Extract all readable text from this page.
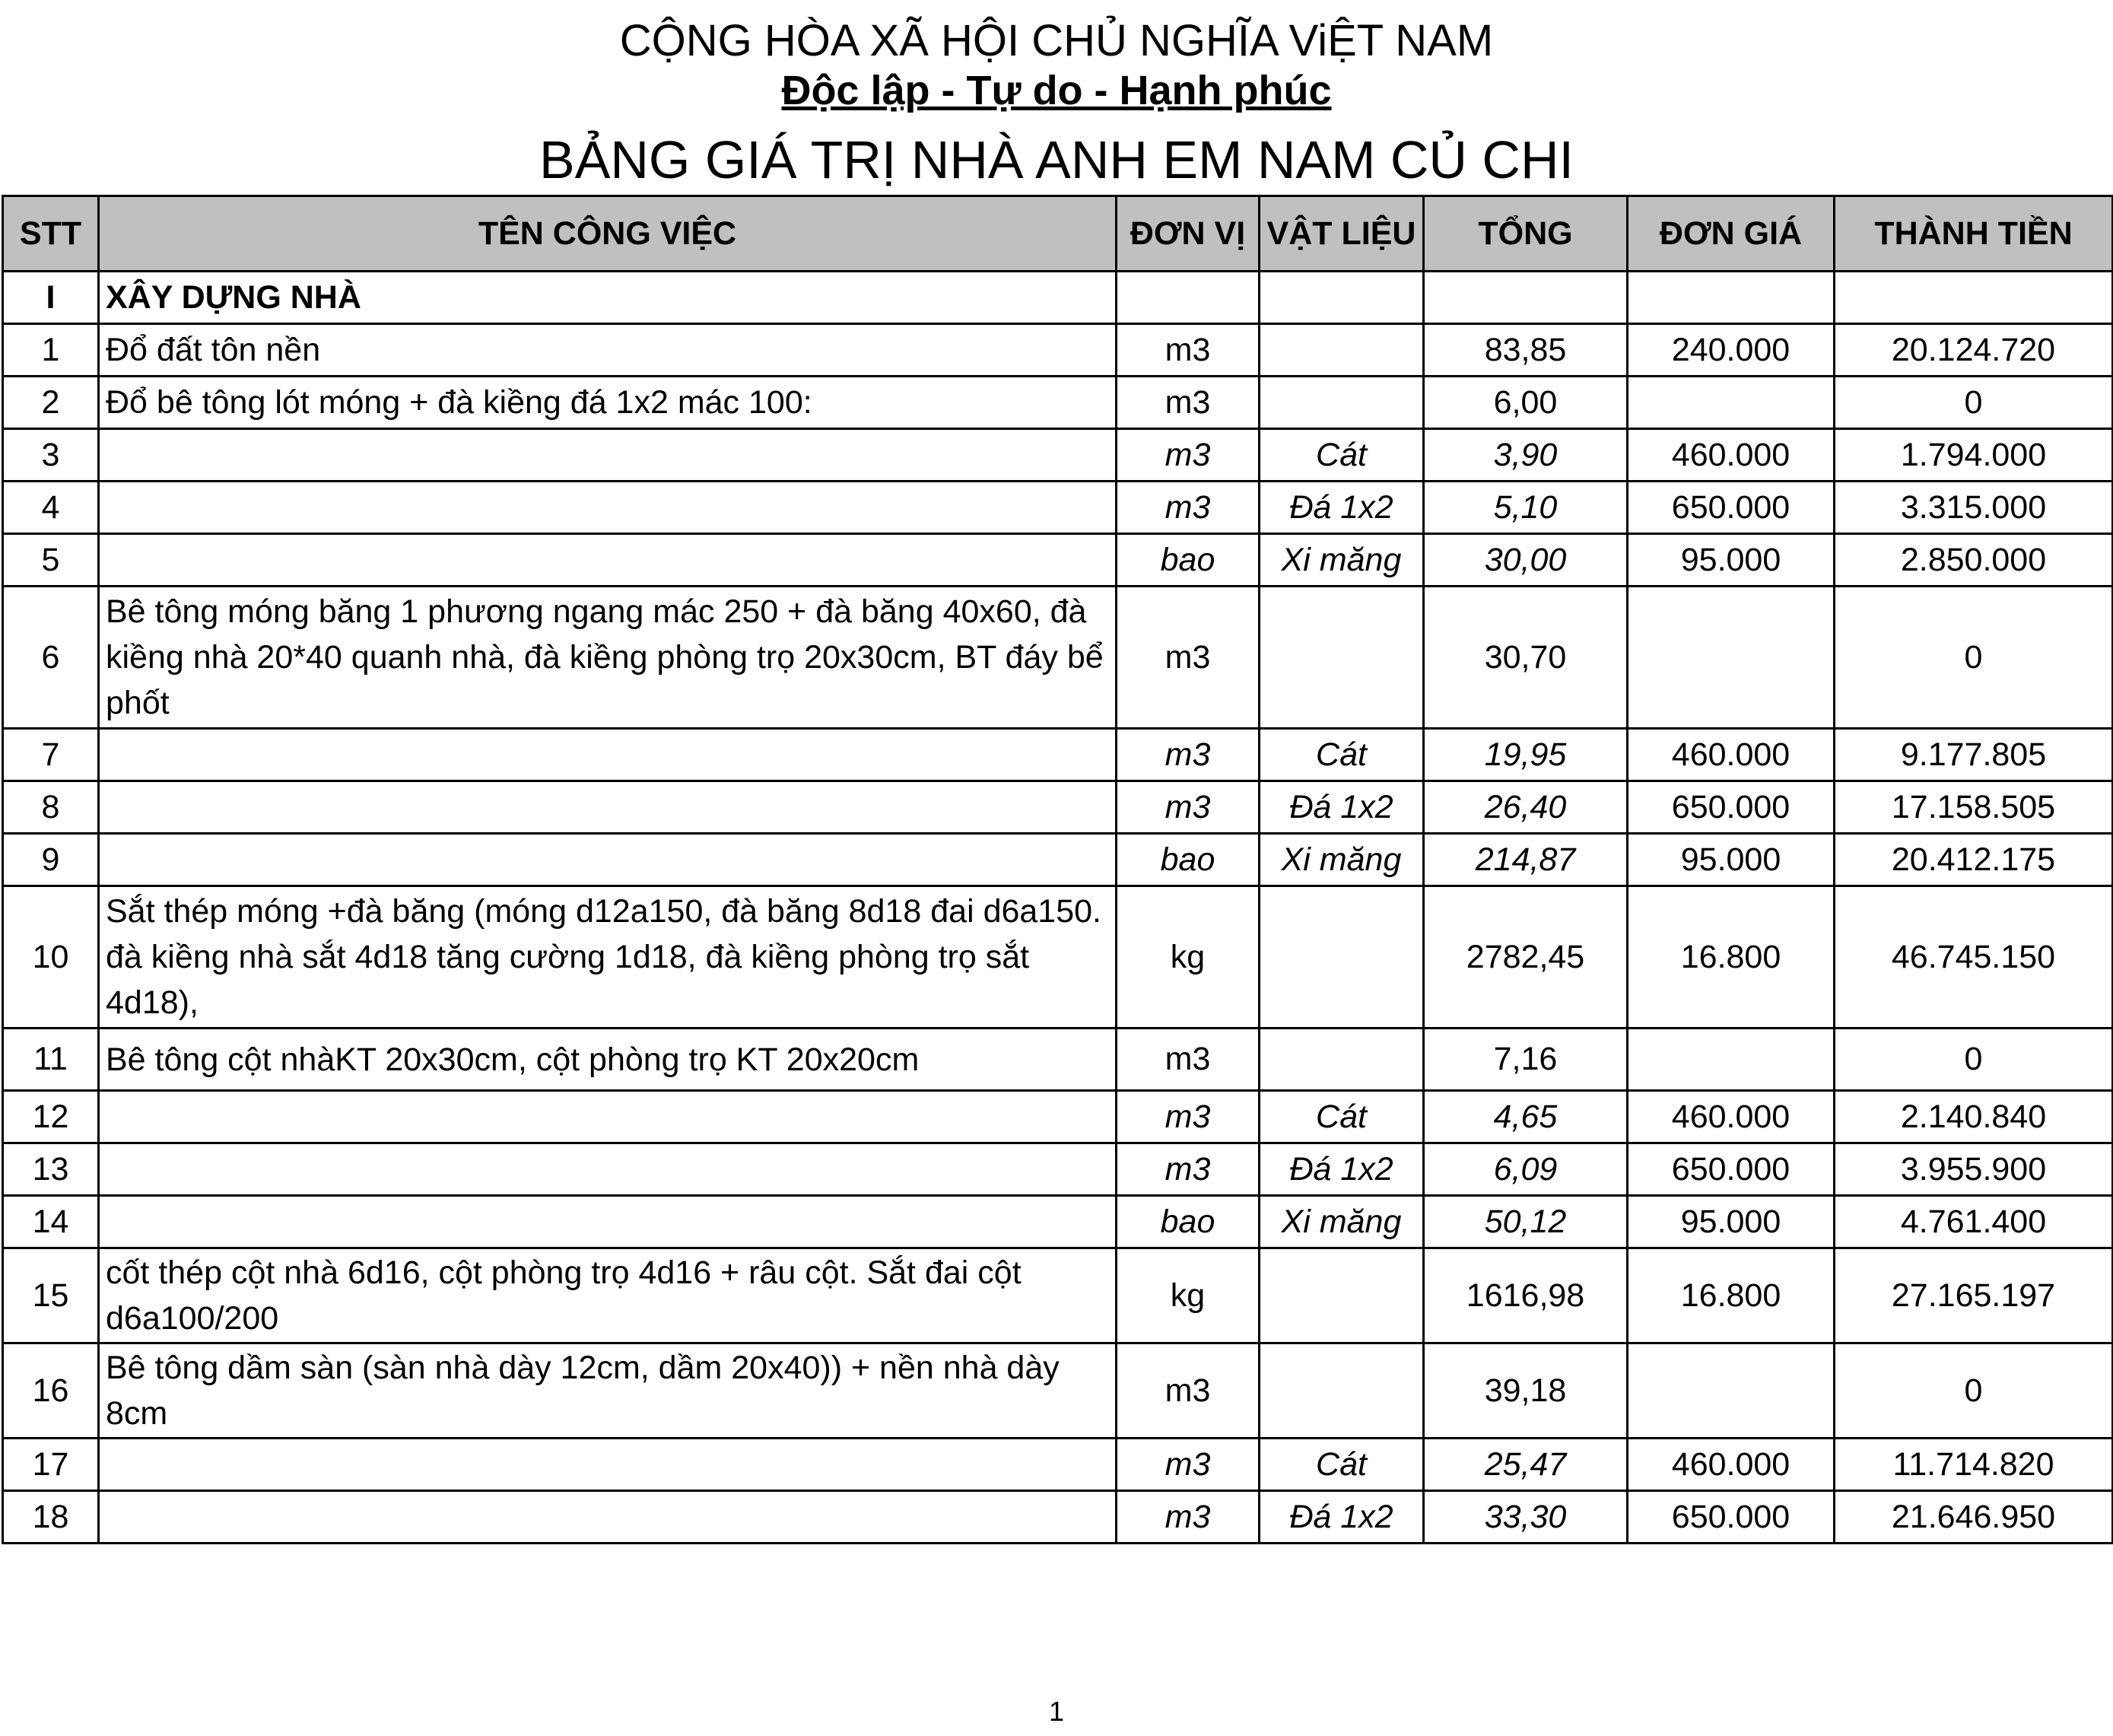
CỘNG HÒA XÃ HỘI CHỦ NGHĨA ViỆT NAM
Độc lập - Tự do - Hạnh phúc
BẢNG GIÁ TRỊ NHÀ ANH EM NAM CỦ CHI
STT	TÊN CÔNG VIỆC	ĐƠN VỊ	VẬT LIỆU	TỔNG	ĐƠN GIÁ	THÀNH TIỀN
I	XÂY DỰNG NHÀ					
1	Đổ đất tôn nền	m3		83,85	240.000	20.124.720
2	Đổ bê tông lót móng + đà kiềng đá 1x2 mác 100:	m3		6,00		0
3		m3	Cát	3,90	460.000	1.794.000
4		m3	Đá 1x2	5,10	650.000	3.315.000
5		bao	Xi măng	30,00	95.000	2.850.000
6	Bê tông móng băng 1 phương ngang mác 250 + đà băng 40x60, đà kiềng nhà 20*40 quanh nhà, đà kiềng phòng trọ 20x30cm, BT đáy bể phốt	m3		30,70		0
7		m3	Cát	19,95	460.000	9.177.805
8		m3	Đá 1x2	26,40	650.000	17.158.505
9		bao	Xi măng	214,87	95.000	20.412.175
10	Sắt thép móng +đà băng (móng d12a150, đà băng 8d18 đai d6a150. đà kiềng nhà sắt 4d18 tăng cường 1d18, đà kiềng phòng trọ sắt 4d18),	kg		2782,45	16.800	46.745.150
11	Bê tông cột nhàKT 20x30cm, cột phòng trọ KT 20x20cm	m3		7,16		0
12		m3	Cát	4,65	460.000	2.140.840
13		m3	Đá 1x2	6,09	650.000	3.955.900
14		bao	Xi măng	50,12	95.000	4.761.400
15	cốt thép cột nhà 6d16, cột phòng trọ 4d16 + râu cột. Sắt đai cột d6a100/200	kg		1616,98	16.800	27.165.197
16	Bê tông dầm sàn (sàn nhà dày 12cm, dầm 20x40)) + nền nhà dày 8cm	m3		39,18		0
17		m3	Cát	25,47	460.000	11.714.820
18		m3	Đá 1x2	33,30	650.000	21.646.950
1
